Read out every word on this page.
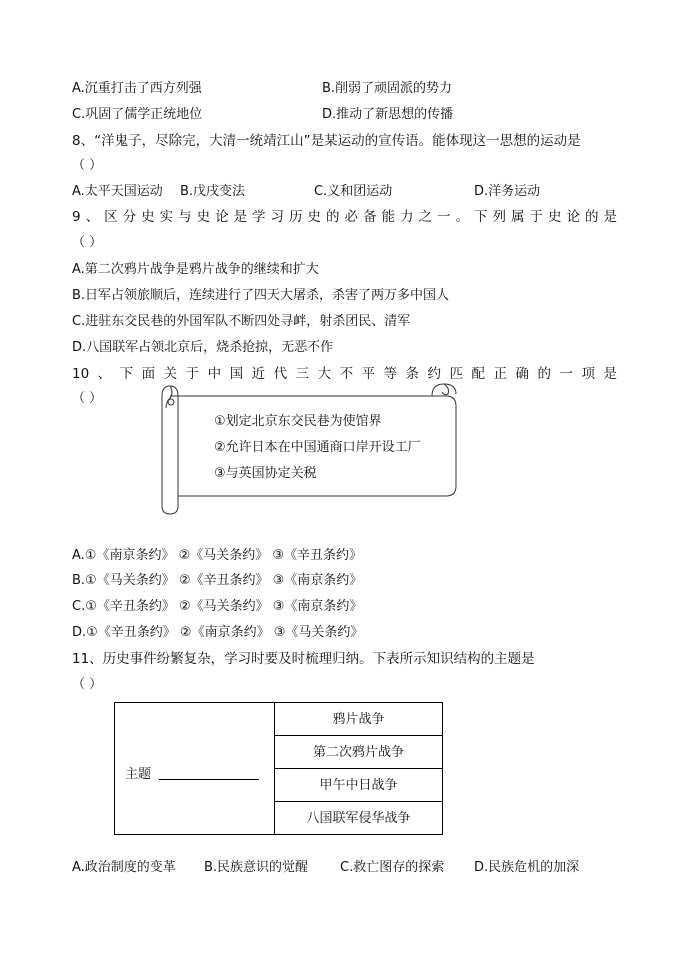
A.沉重打击了西方列强	B.削弱了顽固派的势力
C.巩固了儒学正统地位	D.推动了新思想的传播
8、“洋鬼子，尽除完，大清一统靖江山”是某运动的宣传语。能体现这一思想的运动是
（ ）
A.太平天国运动 B.戊戌变法	C.义和团运动	D.洋务运动
9、区分史实与史论是学习历史的必备能力之一。下列属于史论的是
（ ）
A.第二次鸦片战争是鸦片战争的继续和扩大
B.日军占领旅顺后，连续进行了四天大屠杀，杀害了两万多中国人
C.进驻东交民巷的外国军队不断四处寻衅，射杀团民、清军
D.八国联军占领北京后，烧杀抢掠，无恶不作
10、下面关于中国近代三大不平等条约匹配正确的一项是
（ ）
①划定北京东交民巷为使馆界
②允许日本在中国通商口岸开设工厂
③与英国协定关税
A.①《南京条约》 ②《马关条约》 ③《辛丑条约》
B.①《马关条约》 ②《辛丑条约》 ③《南京条约》
C.①《辛丑条约》 ②《马关条约》 ③《南京条约》
D.①《辛丑条约》 ②《南京条约》 ③《马关条约》
11、历史事件纷繁复杂，学习时要及时梳理归纳。下表所示知识结构的主题是
（ ）
主题
鸦片战争
第二次鸦片战争
甲午中日战争
八国联军侵华战争
A.政治制度的变革 B.民族意识的觉醒 C.救亡图存的探索 D.民族危机的加深
